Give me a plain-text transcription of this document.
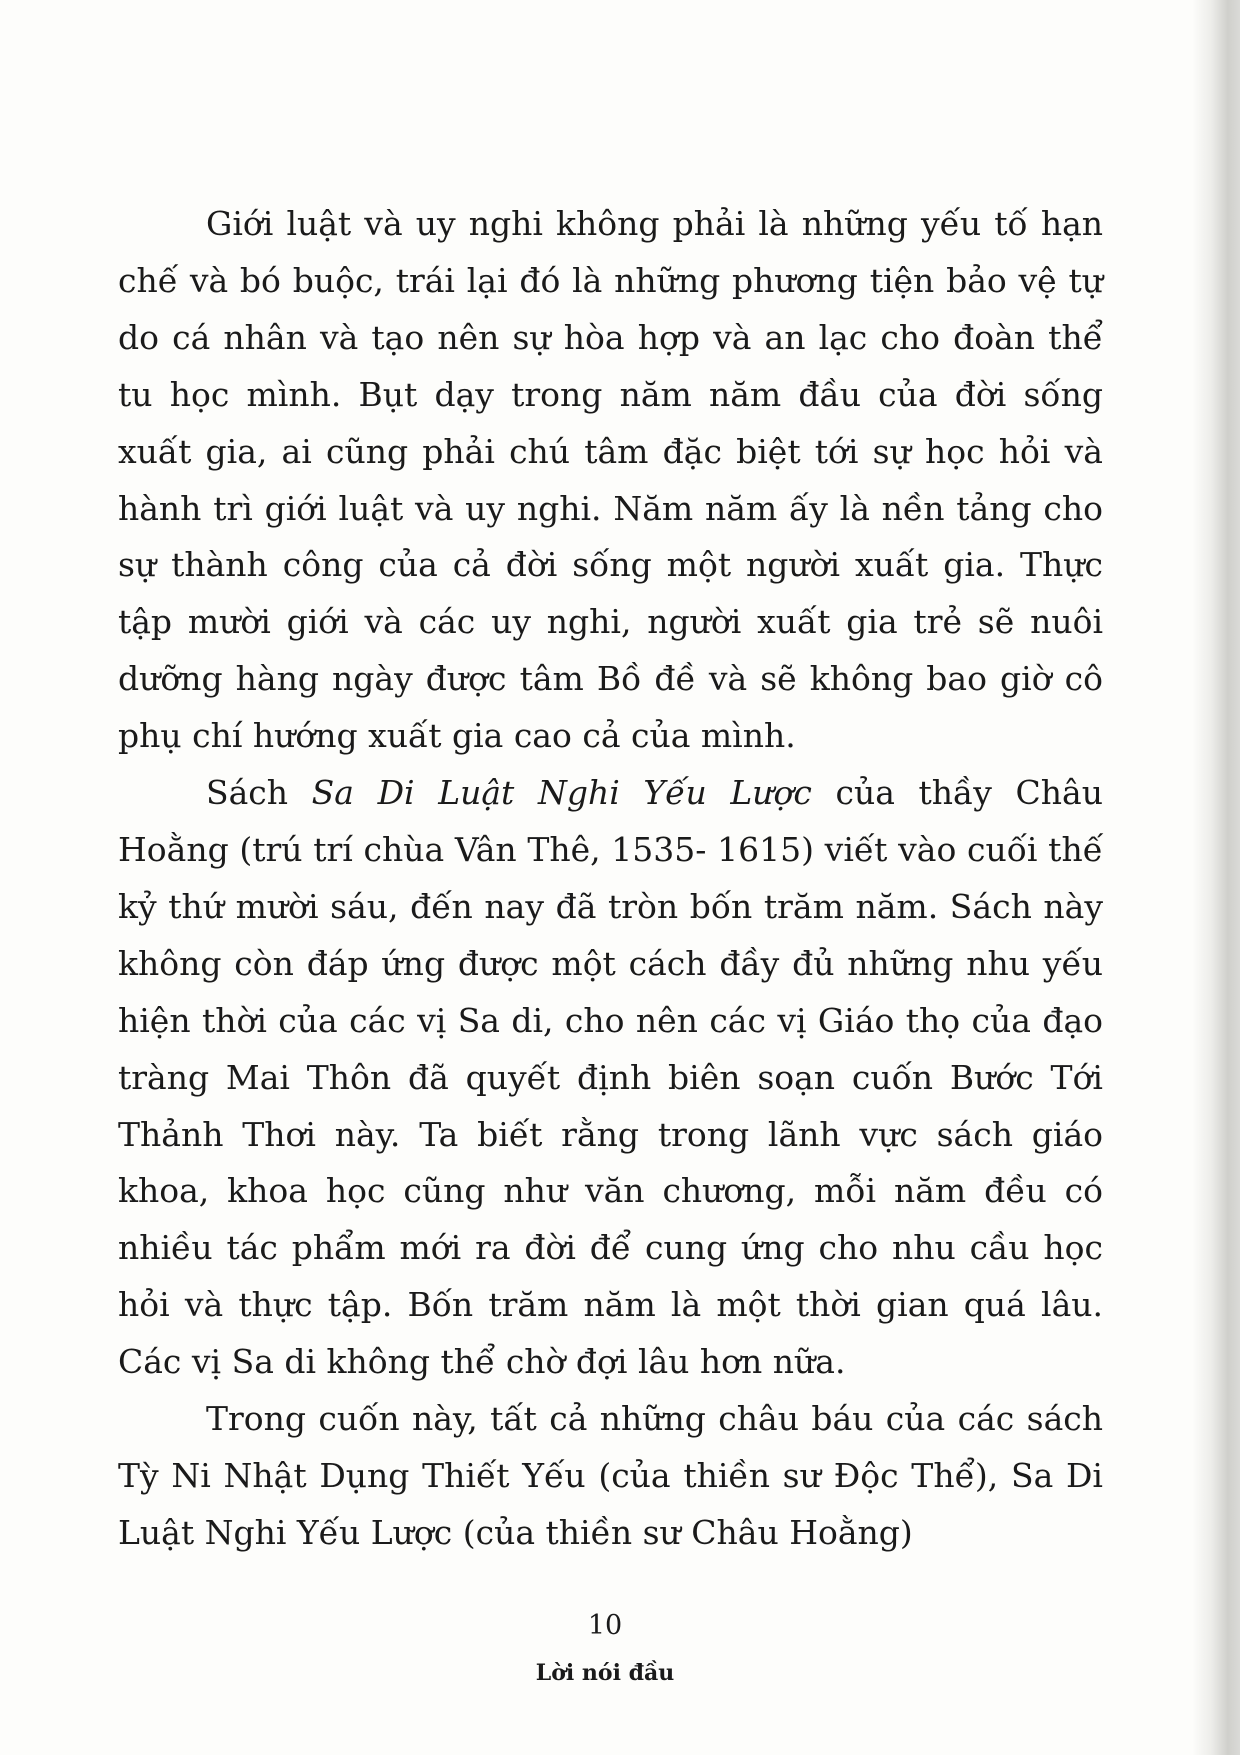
Giới luật và uy nghi không phải là những yếu tố hạn chế và bó buộc, trái lại đó là những phương tiện bảo vệ tự do cá nhân và tạo nên sự hòa hợp và an lạc cho đoàn thể tu học mình. Bụt dạy trong năm năm đầu của đời sống xuất gia, ai cũng phải chú tâm đặc biệt tới sự học hỏi và hành trì giới luật và uy nghi. Năm năm ấy là nền tảng cho sự thành công của cả đời sống một người xuất gia. Thực tập mười giới và các uy nghi, người xuất gia trẻ sẽ nuôi dưỡng hàng ngày được tâm Bồ đề và sẽ không bao giờ cô phụ chí hướng xuất gia cao cả của mình.

Sách Sa Di Luật Nghi Yếu Lược của thầy Châu Hoằng (trú trí chùa Vân Thê, 1535- 1615) viết vào cuối thế kỷ thứ mười sáu, đến nay đã tròn bốn trăm năm. Sách này không còn đáp ứng được một cách đầy đủ những nhu yếu hiện thời của các vị Sa di, cho nên các vị Giáo thọ của đạo tràng Mai Thôn đã quyết định biên soạn cuốn Bước Tới Thảnh Thơi này. Ta biết rằng trong lãnh vực sách giáo khoa, khoa học cũng như văn chương, mỗi năm đều có nhiều tác phẩm mới ra đời để cung ứng cho nhu cầu học hỏi và thực tập. Bốn trăm năm là một thời gian quá lâu. Các vị Sa di không thể chờ đợi lâu hơn nữa.

Trong cuốn này, tất cả những châu báu của các sách Tỳ Ni Nhật Dụng Thiết Yếu (của thiền sư Độc Thể), Sa Di Luật Nghi Yếu Lược (của thiền sư Châu Hoằng)

10
Lời nói đầu
